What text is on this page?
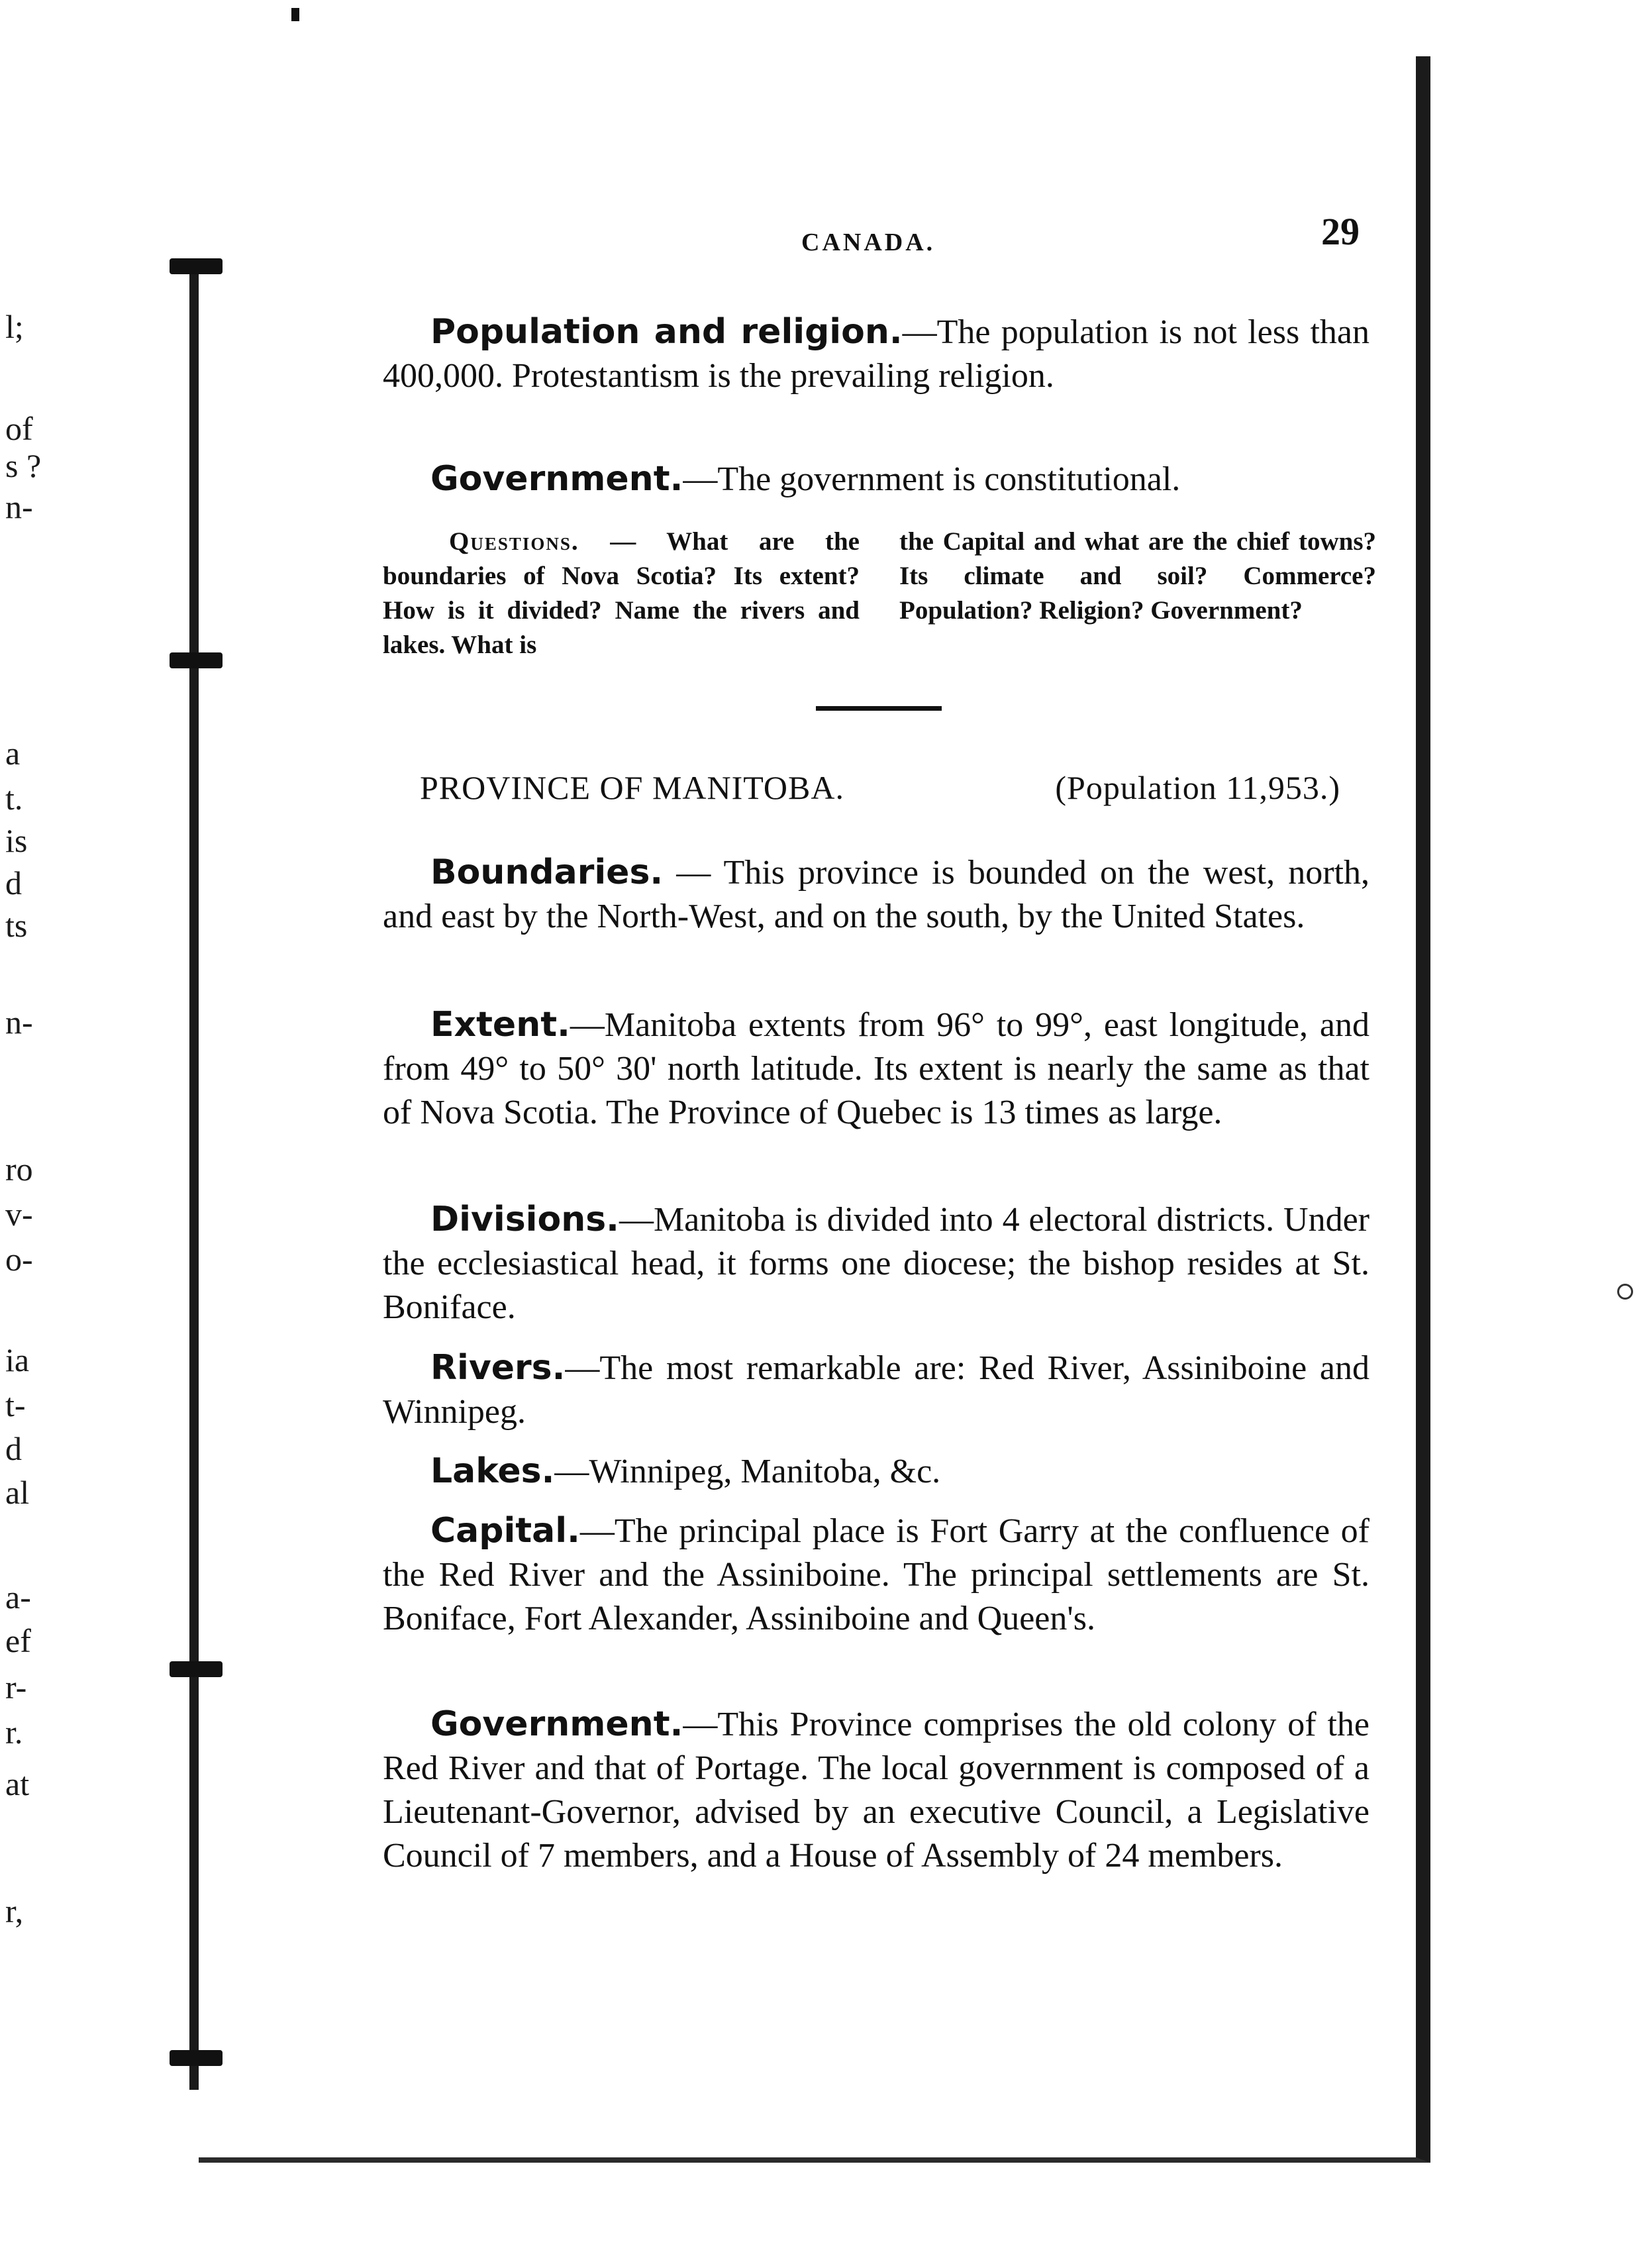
l;
of
s ?
n-
a
t.
is
d
ts
n-
ro
v-
o-
ia
t-
d
al
a-
ef
r-
r.
at
r,
CANADA.	29
Population and religion.—The population is not less than 400,000. Protestantism is the prevailing religion.
Government.—The government is constitutional.
Questions. — What are the boundaries of Nova Scotia? Its extent? How is it divided? Name the rivers and lakes. What is
the Capital and what are the chief towns? Its climate and soil? Commerce? Population? Religion? Government?
PROVINCE OF MANITOBA.	(Population 11,953.)
Boundaries. — This province is bounded on the west, north, and east by the North-West, and on the south, by the United States.
Extent.—Manitoba extents from 96° to 99°, east longitude, and from 49° to 50° 30' north latitude. Its extent is nearly the same as that of Nova Scotia. The Province of Quebec is 13 times as large.
Divisions.—Manitoba is divided into 4 electoral districts. Under the ecclesiastical head, it forms one diocese; the bishop resides at St. Boniface.
Rivers.—The most remarkable are: Red River, Assiniboine and Winnipeg.
Lakes.—Winnipeg, Manitoba, &c.
Capital.—The principal place is Fort Garry at the confluence of the Red River and the Assiniboine. The principal settlements are St. Boniface, Fort Alexander, Assiniboine and Queen's.
Government.—This Province comprises the old colony of the Red River and that of Portage. The local government is composed of a Lieutenant-Governor, advised by an executive Council, a Legislative Council of 7 members, and a House of Assembly of 24 members.
